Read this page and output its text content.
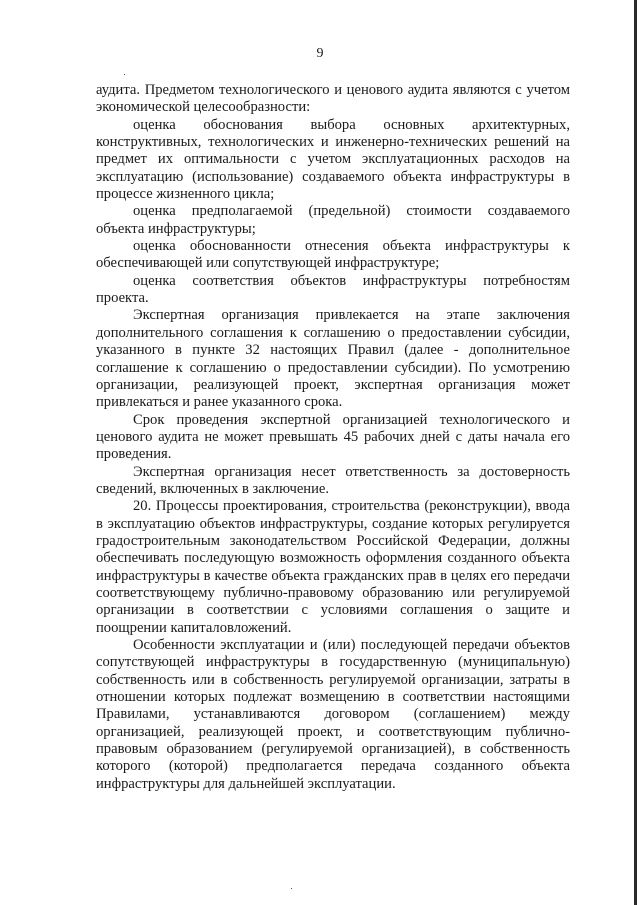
9

аудита. Предметом технологического и ценового аудита являются с учетом экономической целесообразности:

оценка обоснования выбора основных архитектурных, конструктивных, технологических и инженерно-технических решений на предмет их оптимальности с учетом эксплуатационных расходов на эксплуатацию (использование) создаваемого объекта инфраструктуры в процессе жизненного цикла;

оценка предполагаемой (предельной) стоимости создаваемого объекта инфраструктуры;

оценка обоснованности отнесения объекта инфраструктуры к обеспечивающей или сопутствующей инфраструктуре;

оценка соответствия объектов инфраструктуры потребностям проекта.

Экспертная организация привлекается на этапе заключения дополнительного соглашения к соглашению о предоставлении субсидии, указанного в пункте 32 настоящих Правил (далее - дополнительное соглашение к соглашению о предоставлении субсидии). По усмотрению организации, реализующей проект, экспертная организация может привлекаться и ранее указанного срока.

Срок проведения экспертной организацией технологического и ценового аудита не может превышать 45 рабочих дней с даты начала его проведения.

Экспертная организация несет ответственность за достоверность сведений, включенных в заключение.

20. Процессы проектирования, строительства (реконструкции), ввода в эксплуатацию объектов инфраструктуры, создание которых регулируется градостроительным законодательством Российской Федерации, должны обеспечивать последующую возможность оформления созданного объекта инфраструктуры в качестве объекта гражданских прав в целях его передачи соответствующему публично-правовому образованию или регулируемой организации в соответствии с условиями соглашения о защите и поощрении капиталовложений.

Особенности эксплуатации и (или) последующей передачи объектов сопутствующей инфраструктуры в государственную (муниципальную) собственность или в собственность регулируемой организации, затраты в отношении которых подлежат возмещению в соответствии настоящими Правилами, устанавливаются договором (соглашением) между организацией, реализующей проект, и соответствующим публично-правовым образованием (регулируемой организацией), в собственность которого (которой) предполагается передача созданного объекта инфраструктуры для дальнейшей эксплуатации.
